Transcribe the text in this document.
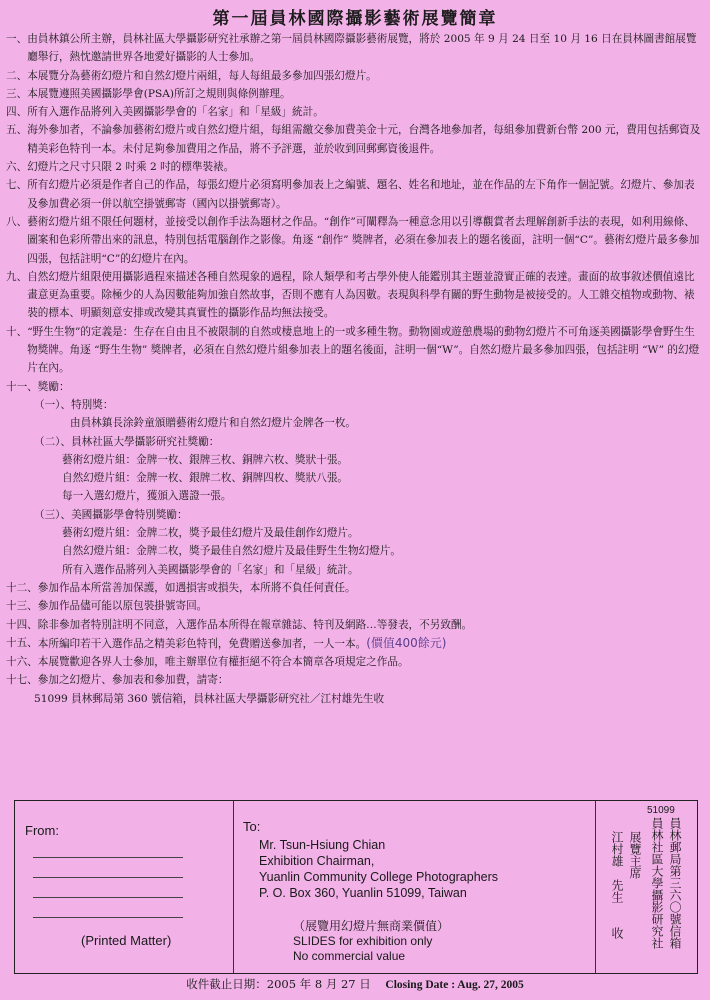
第一屆員林國際攝影藝術展覽簡章
一、 由員林鎮公所主辦，員林社區大學攝影研究社承辦之第一屆員林國際攝影藝術展覽，將於 2005 年 9 月 24 日至 10 月 16 日在員林圖書館展覽廳舉行，熱忱邀請世界各地愛好攝影的人士參加。
二、 本展覽分為藝術幻燈片和自然幻燈片兩組，每人每組最多參加四張幻燈片。
三、 本展覽遵照美國攝影學會(PSA)所訂之規則與條例辦理。
四、 所有入選作品將列入美國攝影學會的「名家」和「星級」統計。
五、 海外參加者，不論參加藝術幻燈片或自然幻燈片組，每組需繳交參加費美金十元，台灣各地參加者，每組參加費新台幣 200 元，費用包括郵資及精美彩色特刊一本。未付足夠參加費用之作品，將不予評選，並於收到回郵郵資後退件。
六、 幻燈片之尺寸只限 2 吋乘 2 吋的標準裝裱。
七、 所有幻燈片必須是作者自己的作品，每張幻燈片必須寫明參加表上之編號、題名、姓名和地址，並在作品的左下角作一個記號。幻燈片、參加表及參加費必須一併以航空掛號郵寄（國內以掛號郵寄）。
八、 藝術幻燈片組不限任何題材，並接受以創作手法為題材之作品。“創作”可闡釋為一種意念用以引導觀賞者去理解創新手法的表現，如利用線條、圖案和色彩所帶出來的訊息，特別包括電腦創作之影像。角逐 “創作” 獎牌者，必須在參加表上的題名後面，註明一個“C”。藝術幻燈片最多參加四張，包括註明“C”的幻燈片在內。
九、 自然幻燈片組限使用攝影過程來描述各種自然現象的過程，除人類學和考古學外使人能鑑別其主題並證實正確的表達。畫面的故事敘述價值遠比畫意更為重要。除極少的人為因數能夠加強自然故事，否則不應有人為因數。表現與科學有關的野生動物是被接受的。人工雜交植物或動物、裱裝的標本、明顯刻意安排或改變其真實性的攝影作品均無法接受。
十、 “野生生物”的定義是：生存在自由且不被限制的自然或棲息地上的一或多種生物。動物園或遊憩農場的動物幻燈片不可角逐美國攝影學會野生生物獎牌。角逐 “野生生物” 獎牌者，必須在自然幻燈片組參加表上的題名後面，註明一個“W”。自然幻燈片最多參加四張，包括註明 “W” 的幻燈片在內。
十一、 獎勵：
（一）、特別獎：
由員林鎮長涂鈴童頒贈藝術幻燈片和自然幻燈片金牌各一枚。
（二）、員林社區大學攝影研究社獎勵：
藝術幻燈片組：金牌一枚、銀牌三枚、銅牌六枚、獎狀十張。
自然幻燈片組：金牌一枚、銀牌二枚、銅牌四枚、獎狀八張。
每一入選幻燈片，獲頒入選證一張。
（三）、美國攝影學會特別獎勵：
藝術幻燈片組：金牌二枚，獎予最佳幻燈片及最佳創作幻燈片。
自然幻燈片組：金牌二枚，獎予最佳自然幻燈片及最佳野生生物幻燈片。
所有入選作品將列入美國攝影學會的「名家」和「星級」統計。
十二、 參加作品本所當善加保護，如遇損害或損失，本所將不負任何責任。
十三、 參加作品儘可能以原包裝掛號寄回。
十四、 除非參加者特別註明不同意，入選作品本所得在報章雜誌、特刊及網路…等發表，不另致酬。
十五、 本所編印若干入選作品之精美彩色特刊，免費贈送參加者，一人一本。(價值400餘元)
十六、 本展覽歡迎各界人士參加，唯主辦單位有權拒絕不符合本簡章各項規定之作品。
十七、 參加之幻燈片、參加表和參加費，請寄：
51099 員林郵局第 360 號信箱，員林社區大學攝影研究社／江村雄先生收
From:
(Printed Matter)
To:
Mr. Tsun-Hsiung Chian
Exhibition Chairman,
Yuanlin Community College Photographers
P. O. Box 360, Yuanlin 51099, Taiwan
（展覽用幻燈片無商業價值）
SLIDES for exhibition only
No commercial value
51099
員林郵局第三六〇號信箱
員林社區大學攝影研究社
展覽主席
江村雄　先生　　收
收件截止日期：2005 年 8 月 27 日 Closing Date : Aug. 27, 2005
